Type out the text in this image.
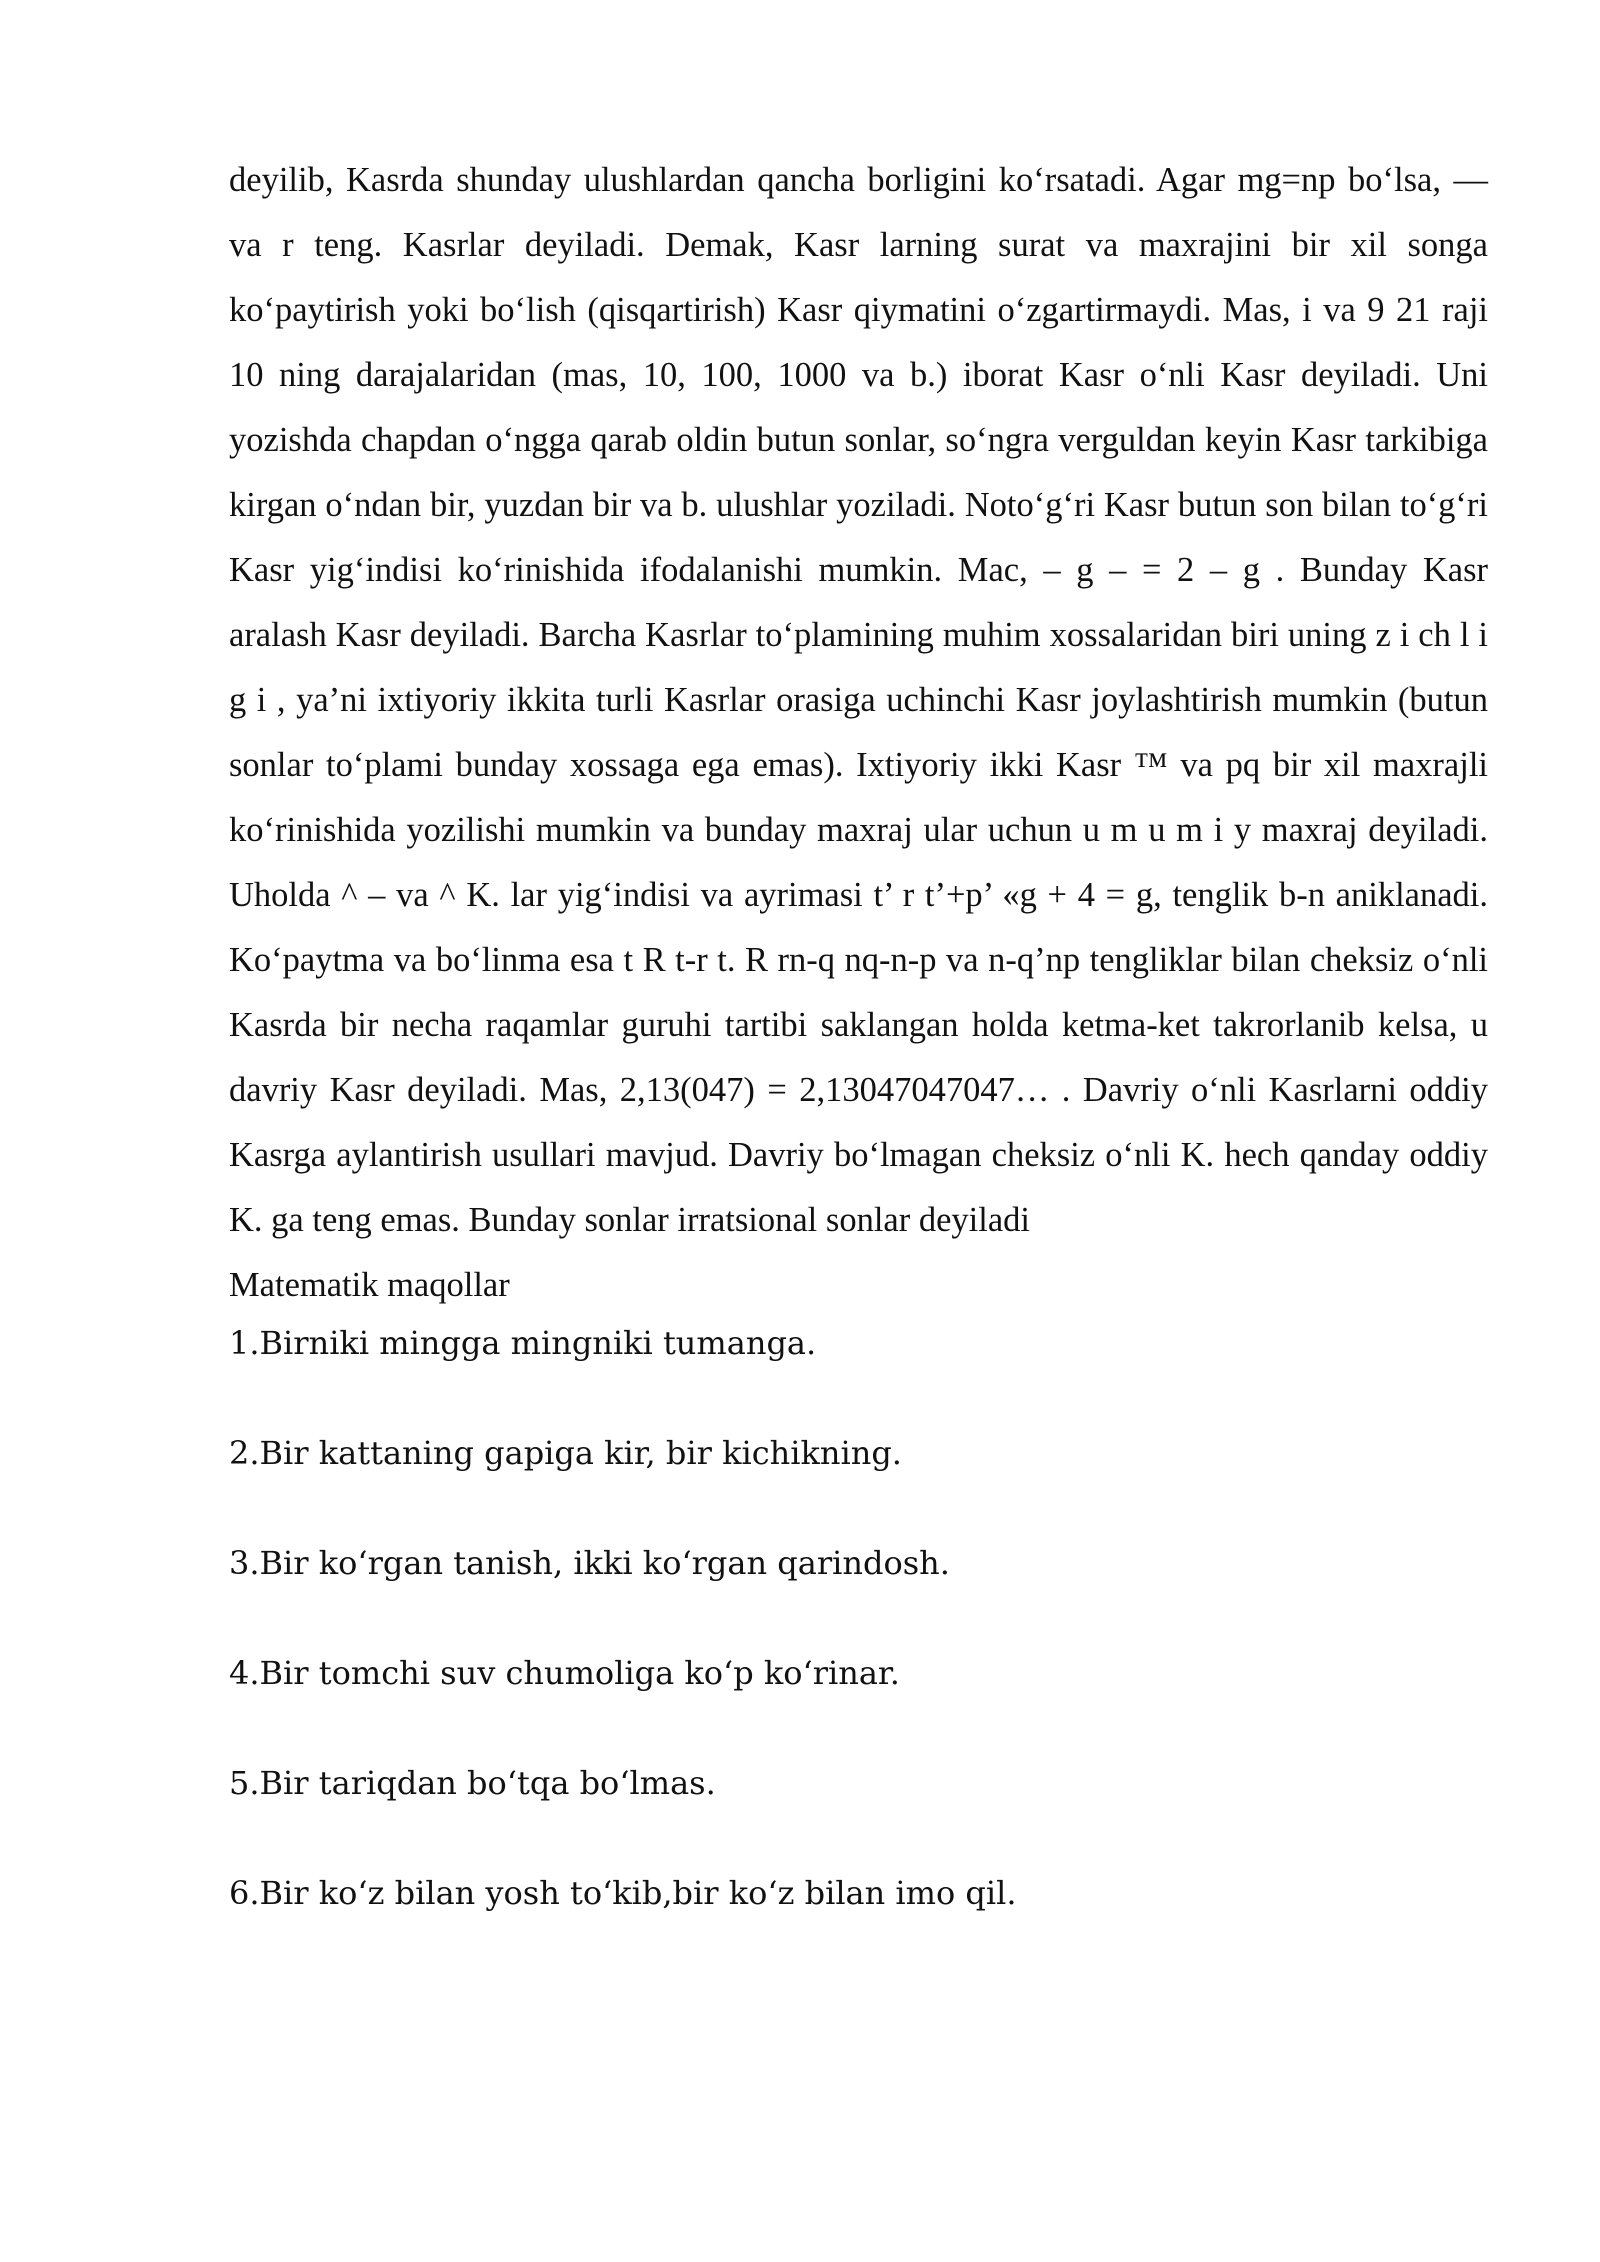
deyilib, Kasrda shunday ulushlardan qancha borligini ko‘rsatadi. Agar mg=np bo‘lsa, — va r teng. Kasrlar deyiladi. Demak, Kasr larning surat va maxrajini bir xil songa ko‘paytirish yoki bo‘lish (qisqartirish) Kasr qiymatini o‘zgartirmaydi. Mas, i va 9 21 raji 10 ning darajalaridan (mas, 10, 100, 1000 va b.) iborat Kasr o‘nli Kasr deyiladi. Uni yozishda chapdan o‘ngga qarab oldin butun sonlar, so‘ngra verguldan keyin Kasr tarkibiga kirgan o‘ndan bir, yuzdan bir va b. ulushlar yoziladi. Noto‘g‘ri Kasr butun son bilan to‘g‘ri Kasr yig‘indisi ko‘rinishida ifodalanishi mumkin. Mac, – g – = 2 – g . Bunday Kasr aralash Kasr deyiladi. Barcha Kasrlar to‘plamining muhim xossalaridan biri uning z i ch l i g i , ya’ni ixtiyoriy ikkita turli Kasrlar orasiga uchinchi Kasr joylashtirish mumkin (butun sonlar to‘plami bunday xossaga ega emas). Ixtiyoriy ikki Kasr ™ va pq bir xil maxrajli ko‘rinishida yozilishi mumkin va bunday maxraj ular uchun u m u m i y maxraj deyiladi. Uholda ^ – va ^ K. lar yig‘indisi va ayrimasi t’ r t’+p’ «g + 4 = g, tenglik b-n aniklanadi. Ko‘paytma va bo‘linma esa t R t-r t. R rn-q nq-n-p va n-q’np tengliklar bilan cheksiz o‘nli Kasrda bir necha raqamlar guruhi tartibi saklangan holda ketma-ket takrorlanib kelsa, u davriy Kasr deyiladi. Mas, 2,13(047) = 2,13047047047… . Davriy o‘nli Kasrlarni oddiy Kasrga aylantirish usullari mavjud. Davriy bo‘lmagan cheksiz o‘nli K. hech qanday oddiy K. ga teng emas. Bunday sonlar irratsional sonlar deyiladi

Matematik maqollar

1.Birniki mingga mingniki tumanga.
2.Bir kattaning gapiga kir, bir kichikning.
3.Bir ko‘rgan tanish, ikki ko‘rgan qarindosh.
4.Bir tomchi suv chumoliga ko‘p ko‘rinar.
5.Bir tariqdan bo‘tqa bo‘lmas.
6.Bir ko‘z bilan yosh to‘kib,bir ko‘z bilan imo qil.
